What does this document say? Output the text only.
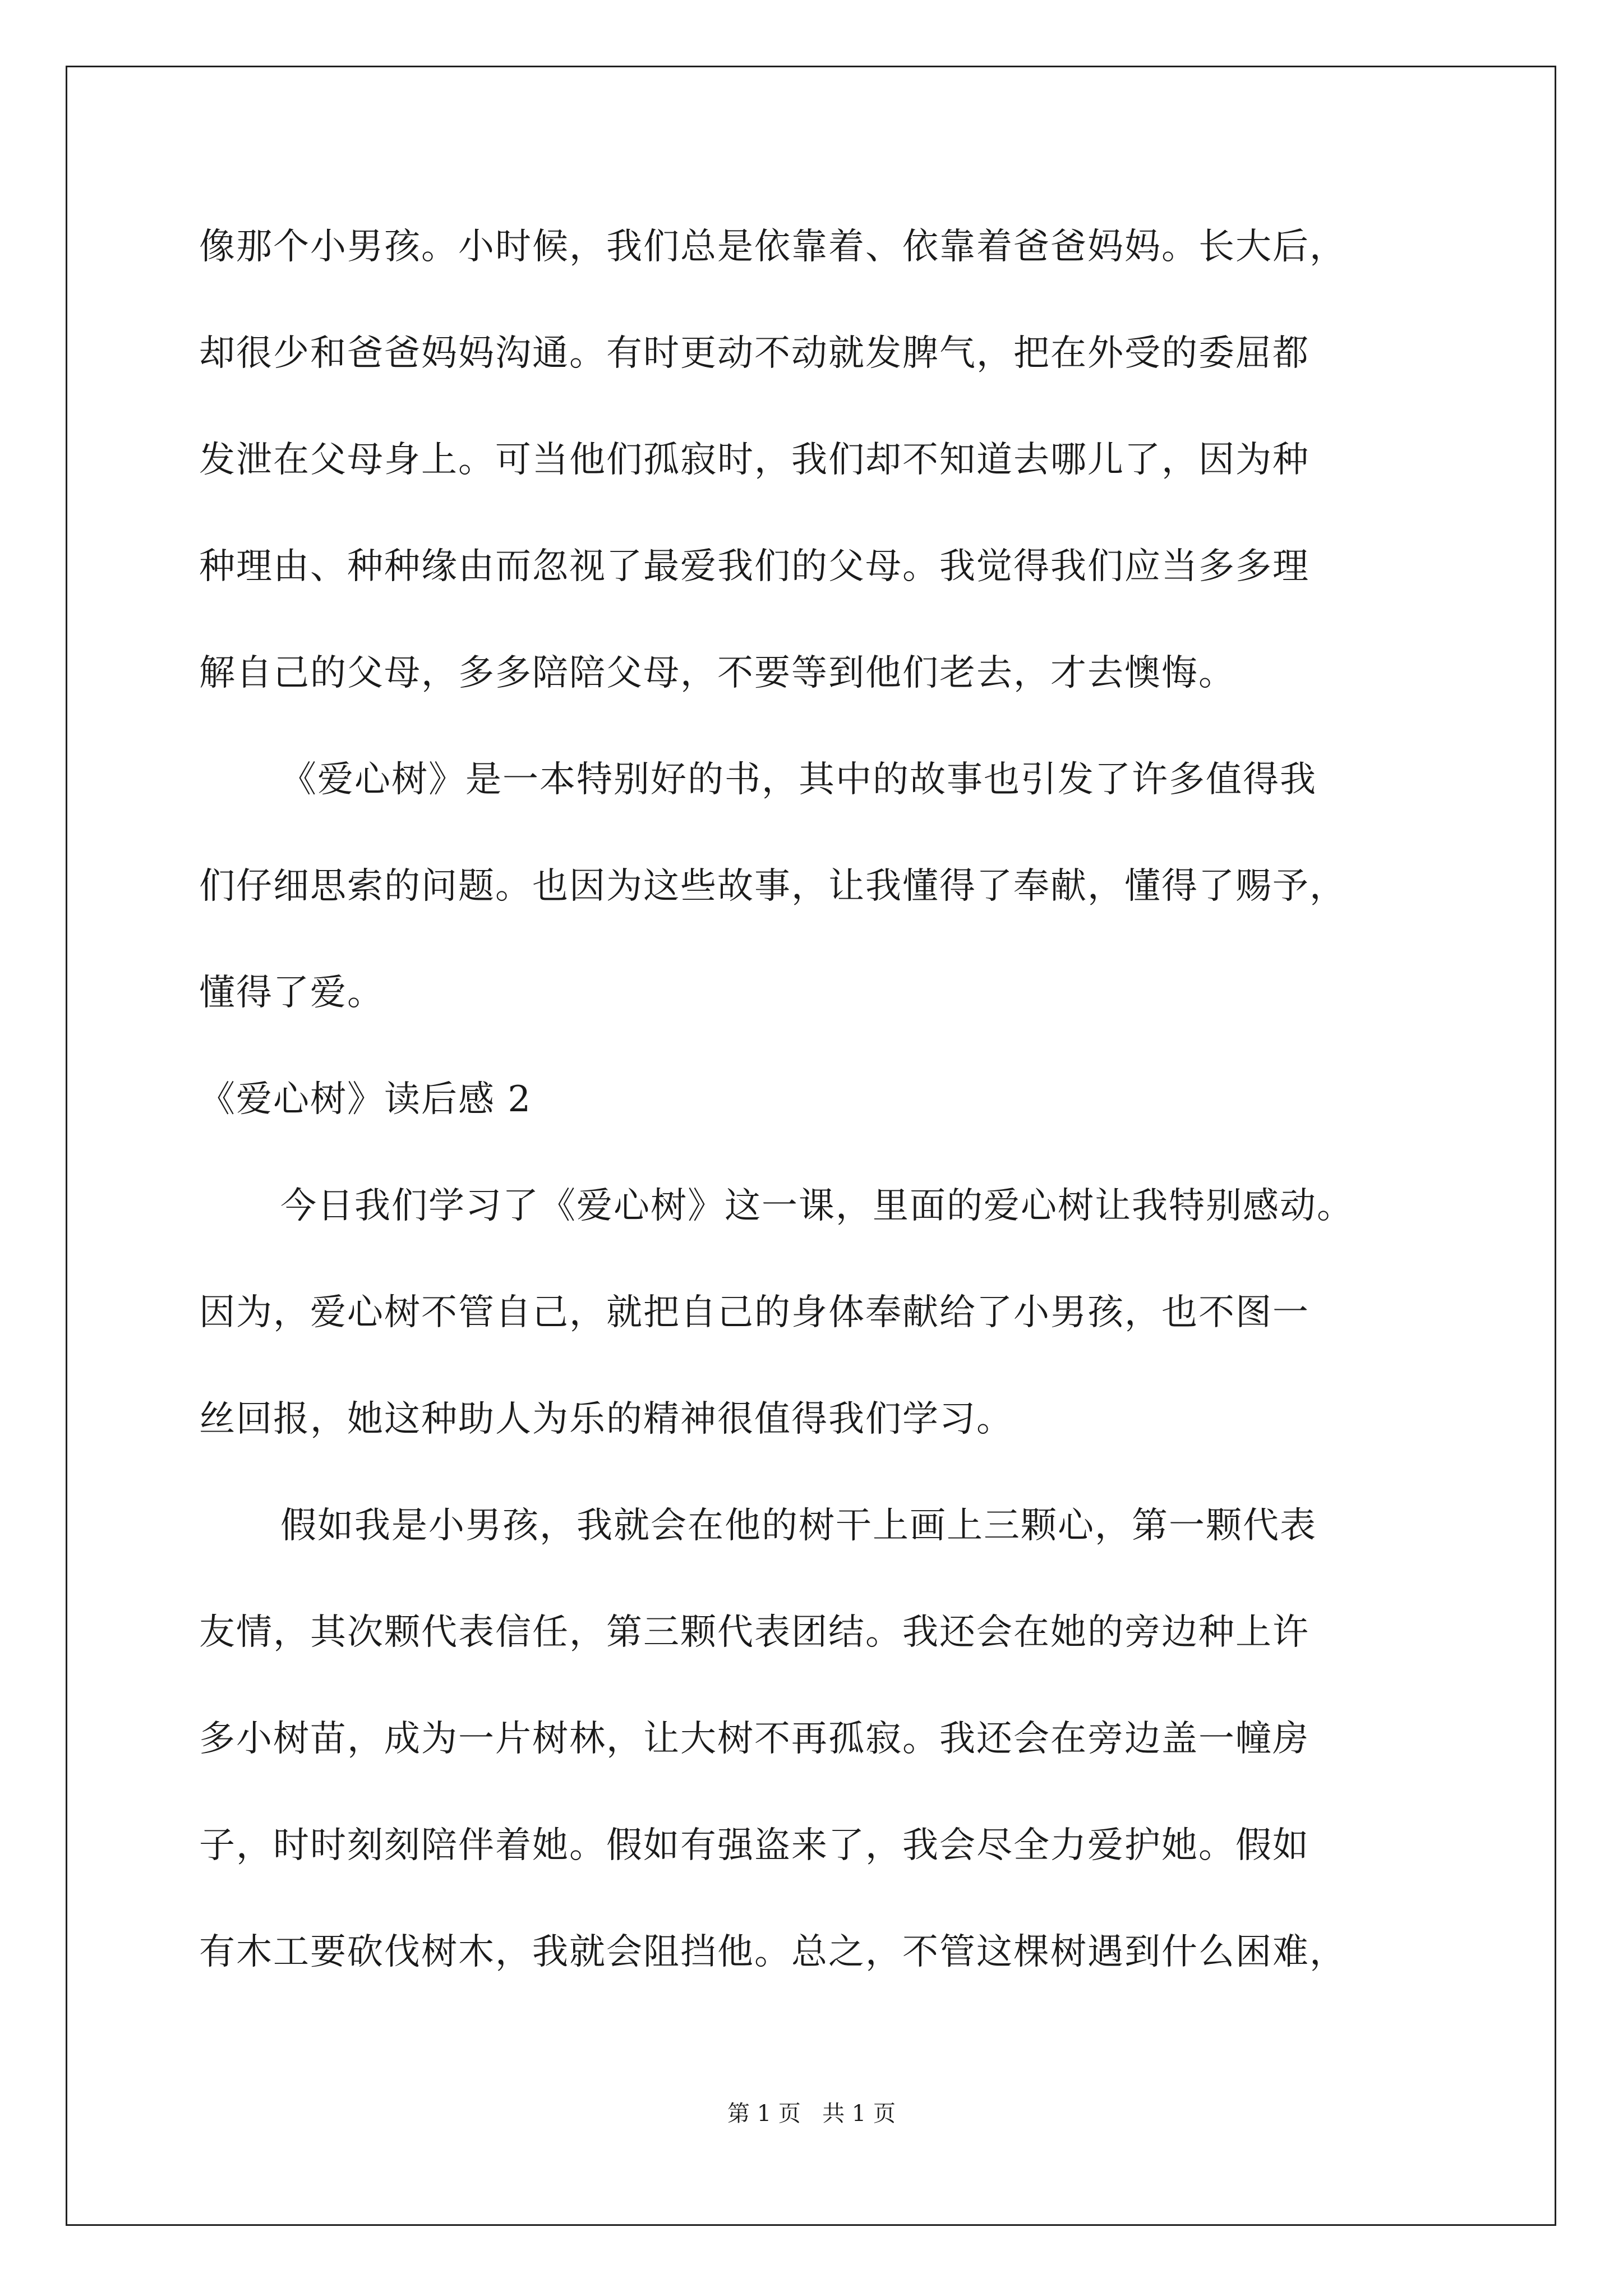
像那个小男孩。小时候，我们总是依靠着、依靠着爸爸妈妈。长大后，
却很少和爸爸妈妈沟通。有时更动不动就发脾气，把在外受的委屈都
发泄在父母身上。可当他们孤寂时，我们却不知道去哪儿了，因为种
种理由、种种缘由而忽视了最爱我们的父母。我觉得我们应当多多理
解自己的父母，多多陪陪父母，不要等到他们老去，才去懊悔。
《爱心树》是一本特别好的书，其中的故事也引发了许多值得我
们仔细思索的问题。也因为这些故事，让我懂得了奉献，懂得了赐予，
懂得了爱。
《爱心树》读后感 2
今日我们学习了《爱心树》这一课，里面的爱心树让我特别感动。
因为，爱心树不管自己，就把自己的身体奉献给了小男孩，也不图一
丝回报，她这种助人为乐的精神很值得我们学习。
假如我是小男孩，我就会在他的树干上画上三颗心，第一颗代表
友情，其次颗代表信任，第三颗代表团结。我还会在她的旁边种上许
多小树苗，成为一片树林，让大树不再孤寂。我还会在旁边盖一幢房
子，时时刻刻陪伴着她。假如有强盗来了，我会尽全力爱护她。假如
有木工要砍伐树木，我就会阻挡他。总之，不管这棵树遇到什么困难，
第 1 页   共 1 页
